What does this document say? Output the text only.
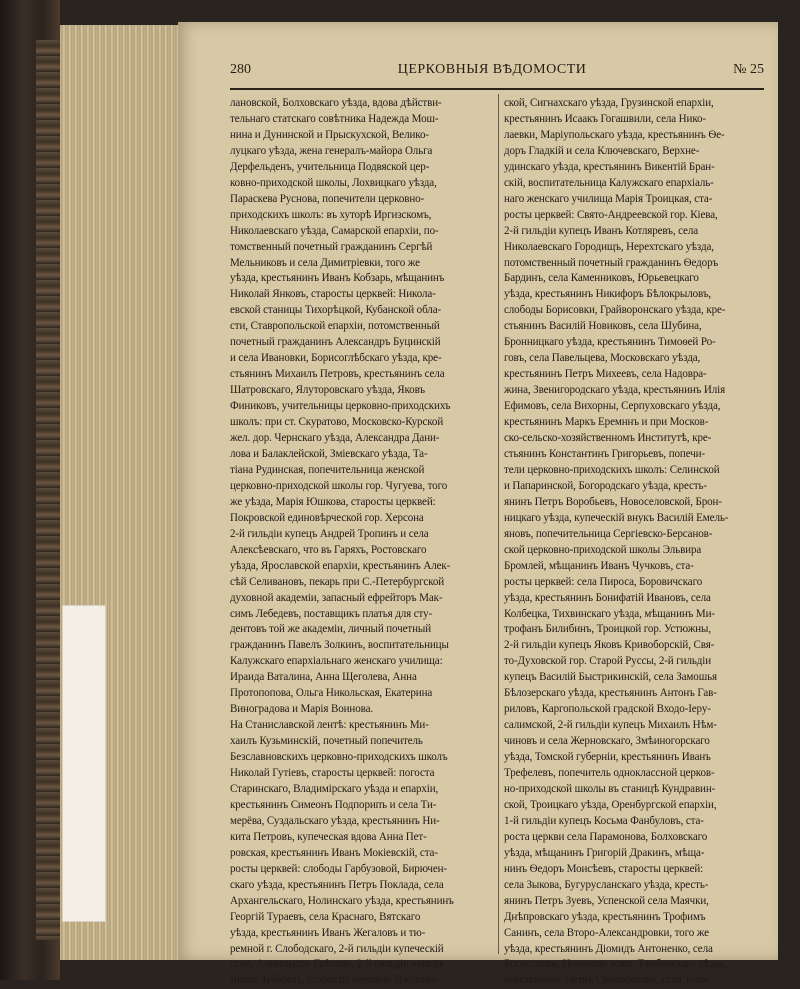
280	ЦЕРКОВНЫЯ ВѢДОМОСТИ	№ 25
лановской, Болховскаго уѣзда, вдова дѣйстви-
тельнаго статскаго совѣтника Надежда Мош-
нина и Дунинской и Прыскухской, Велико-
луцкаго уѣзда, жена генералъ-майора Ольга
Дерфельденъ, учительница Подвяской цер-
ковно-приходской школы, Лохвицкаго уѣзда,
Параскева Руснова, попечители церковно-
приходскихъ школъ: въ хуторѣ Иргизскомъ,
Николаевскаго уѣзда, Самарской епархіи, по-
томственный почетный гражданинъ Сергѣй
Мельниковъ и села Димитріевки, того же
уѣзда, крестьянинъ Иванъ Кобзарь, мѣщанинъ
Николай Янковъ, старосты церквей: Никола-
евской станицы Тихорѣцкой, Кубанской обла-
сти, Ставропольской епархіи, потомственный
почетный гражданинъ Александръ Буцинскій
и села Ивановки, Борисоглѣбскаго уѣзда, кре-
стьянинъ Михаилъ Петровъ, крестьянинъ села
Шатровскаго, Ялуторовскаго уѣзда, Яковъ
Финиковъ, учительницы церковно-приходскихъ
школъ: при ст. Скуратово, Московско-Курской
жел. дор. Чернскаго уѣзда, Александра Дани-
лова и Балаклейской, Зміевскаго уѣзда, Та-
тіана Рудинская, попечительница женской
церковно-приходской школы гор. Чугуева, того
же уѣзда, Марія Юшкова, старосты церквей:
Покровской единовѣрческой гор. Херсона
2-й гильдіи купецъ Андрей Тропинъ и села
Алексѣевскаго, что въ Гаряхъ, Ростовскаго
уѣзда, Ярославской епархіи, крестьянинъ Алек-
сѣй Селивановъ, пекарь при С.-Петербургской
духовной академіи, запасный ефрейторъ Мак-
симъ Лебедевъ, поставщикъ платья для сту-
дентовъ той же академіи, личный почетный
гражданинъ Павелъ Золкинъ, воспитательницы
Калужскаго епархіальнаго женскаго училища:
Ираида Ваталина, Анна Щеголева, Анна
Протопопова, Ольга Никольская, Екатерина
Виноградова и Марія Воинова.
На Станиславской лентѣ: крестьянинъ Ми-
хаилъ Кузьминскій, почетный попечитель
Безславновскихъ церковно-приходскихъ школъ
Николай Гутіевъ, старосты церквей: погоста
Старинскаго, Владимірскаго уѣзда и епархіи,
крестьянинъ Симеонъ Подпорипъ и села Ти-
мерёва, Суздальскаго уѣзда, крестьянинъ Ни-
кита Петровъ, купеческая вдова Анна Пет-
ровская, крестьянинъ Иванъ Мокіевскій, ста-
росты церквей: слободы Гарбузовой, Бирючен-
скаго уѣзда, крестьянинъ Петръ Поклада, села
Архангельскаго, Нолинскаго уѣзда, крестьянинъ
Георгій Тураевъ, села Краснаго, Вятскаго
уѣзда, крестьянинъ Иванъ Жегаловъ и тю-
ремной г. Слободскаго, 2-й гильдіи купеческій
сынъ Александръ Грѣховъ, 2-й гильдіи купецъ
Яковъ Зубаревъ, старосты церквей: Джугаан-
ской, Сигнахскаго уѣзда, Грузинской епархіи,
крестьянинъ Исаакъ Гогашвили, села Нико-
лаевки, Маріупольскаго уѣзда, крестьянинъ Ѳе-
доръ Гладкій и села Ключевскаго, Верхне-
удинскаго уѣзда, крестьянинъ Викентій Бран-
скій, воспитательница Калужскаго епархіаль-
наго женскаго училища Марія Троицкая, ста-
росты церквей: Свято-Андреевской гор. Кіева,
2-й гильдіи купецъ Иванъ Котляревъ, села
Николаевскаго Городищъ, Нерехтскаго уѣзда,
потомственный почетный гражданинъ Ѳедоръ
Бардинъ, села Каменниковъ, Юрьевецкаго
уѣзда, крестьянинъ Никифоръ Бѣлокрыловъ,
слободы Борисовки, Грайворонскаго уѣзда, кре-
стьянинъ Василій Новиковъ, села Шубина,
Бронницкаго уѣзда, крестьянинъ Тимоѳей Ро-
говъ, села Павельцева, Московскаго уѣзда,
крестьянинъ Петръ Михеевъ, села Надовра-
жина, Звенигородскаго уѣзда, крестьянинъ Илія
Ефимовъ, села Вихорны, Серпуховскаго уѣзда,
крестьянинъ Маркъ Еремннъ и при Москов-
ско-сельско-хозяйственномъ Институтѣ, кре-
стьянинъ Константинъ Григорьевъ, попечи-
тели церковно-приходскихъ школъ: Селинской
и Папаринской, Богородскаго уѣзда, кресть-
янинъ Петръ Воробьевъ, Новоселовской, Брон-
ницкаго уѣзда, купеческій внукъ Василій Емель-
яновъ, попечительница Сергіевско-Берсанов-
ской церковно-приходской школы Эльвира
Бромлей, мѣщанинъ Иванъ Чучковъ, ста-
росты церквей: села Пироса, Боровичскаго
уѣзда, крестьянинъ Бонифатій Ивановъ, села
Колбецка, Тихвинскаго уѣзда, мѣщанинъ Ми-
трофанъ Билибинъ, Троицкой гор. Устюжны,
2-й гильдіи купецъ Яковъ Кривоборскій, Свя-
то-Духовской гор. Старой Руссы, 2-й гильдіи
купецъ Василій Быстрикинскій, села Замошья
Бѣлозерскаго уѣзда, крестьянинъ Антонъ Гав-
риловъ, Каргопольской градской Входо-Іеру-
салимской, 2-й гильдіи купецъ Михаилъ Нѣм-
чиновъ и села Жерновскаго, Змѣиногорскаго
уѣзда, Томской губерніи, крестьянинъ Иванъ
Трефелевъ, попечитель одноклассной церков-
но-приходской школы въ станицѣ Кундравин-
ской, Троицкаго уѣзда, Оренбургской епархіи,
1-й гильдіи купецъ Косьма Фанбуловъ, ста-
роста церкви села Парамонова, Болховскаго
уѣзда, мѣщанинъ Григорій Дракинъ, мѣща-
нинъ Ѳедоръ Моисѣевъ, старосты церквей:
села Зыкова, Бугурусланскаго уѣзда, кресть-
янинъ Петръ Зуевъ, Успенской села Маячки,
Днѣпровскаго уѣзда, крестьянинъ Трофимъ
Санинъ, села Второ-Александровки, того же
уѣзда, крестьянинъ Діомидъ Антоненко, села
Богословки, Новиково тожъ, Тамбовскаго уѣзда,
крестьянинъ Петръ Скомороховъ, села Тока-
